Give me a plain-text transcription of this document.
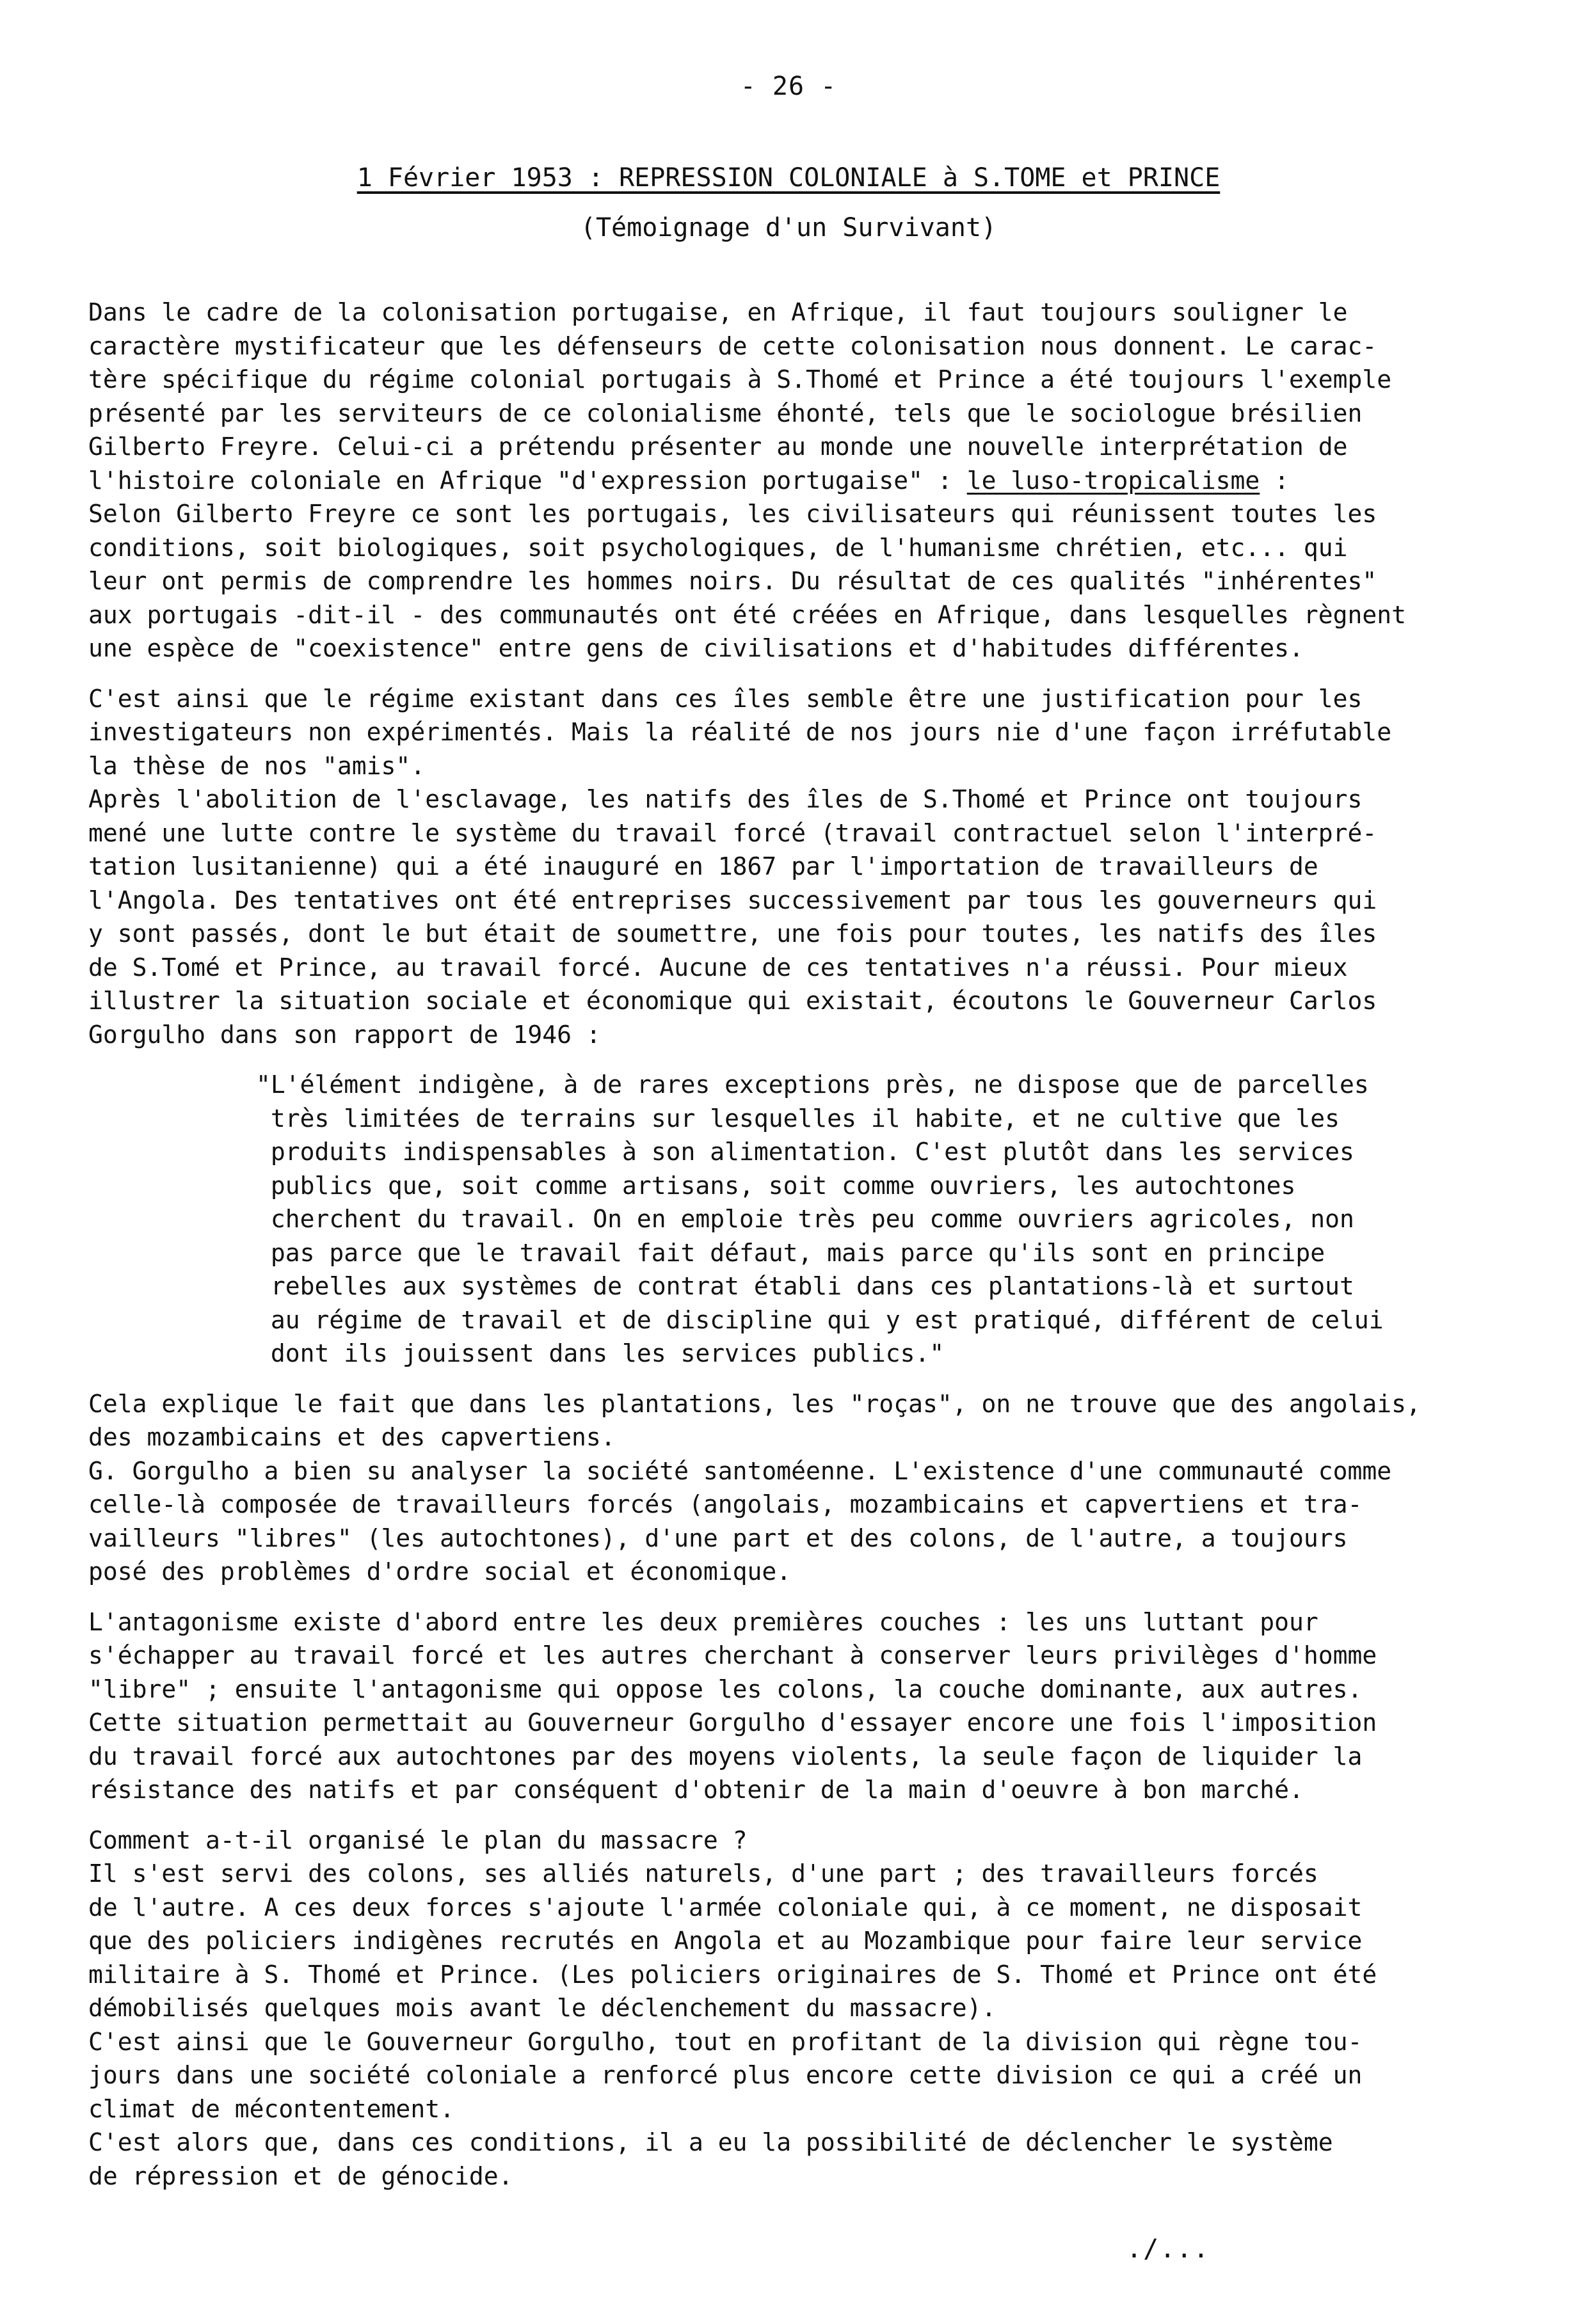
- 26 -
1 Février 1953 : REPRESSION COLONIALE à S.TOME et PRINCE
(Témoignage d'un Survivant)
Dans le cadre de la colonisation portugaise, en Afrique, il faut toujours souligner le
caractère mystificateur que les défenseurs de cette colonisation nous donnent. Le carac-
tère spécifique du régime colonial portugais à S.Thomé et Prince a été toujours l'exemple
présenté par les serviteurs de ce colonialisme éhonté, tels que le sociologue brésilien
Gilberto Freyre. Celui-ci a prétendu présenter au monde une nouvelle interprétation de
l'histoire coloniale en Afrique "d'expression portugaise" : le luso-tropicalisme :
Selon Gilberto Freyre ce sont les portugais, les civilisateurs qui réunissent toutes les
conditions, soit biologiques, soit psychologiques, de l'humanisme chrétien, etc... qui
leur ont permis de comprendre les hommes noirs. Du résultat de ces qualités "inhérentes"
aux portugais -dit-il - des communautés ont été créées en Afrique, dans lesquelles règnent
une espèce de "coexistence" entre gens de civilisations et d'habitudes différentes.
C'est ainsi que le régime existant dans ces îles semble être une justification pour les
investigateurs non expérimentés. Mais la réalité de nos jours nie d'une façon irréfutable
la thèse de nos "amis".
Après l'abolition de l'esclavage, les natifs des îles de S.Thomé et Prince ont toujours
mené une lutte contre le système du travail forcé (travail contractuel selon l'interpré-
tation lusitanienne) qui a été inauguré en 1867 par l'importation de travailleurs de
l'Angola. Des tentatives ont été entreprises successivement par tous les gouverneurs qui
y sont passés, dont le but était de soumettre, une fois pour toutes, les natifs des îles
de S.Tomé et Prince, au travail forcé. Aucune de ces tentatives n'a réussi. Pour mieux
illustrer la situation sociale et économique qui existait, écoutons le Gouverneur Carlos
Gorgulho dans son rapport de 1946 :
"L'élément indigène, à de rares exceptions près, ne dispose que de parcelles
très limitées de terrains sur lesquelles il habite, et ne cultive que les
produits indispensables à son alimentation. C'est plutôt dans les services
publics que, soit comme artisans, soit comme ouvriers, les autochtones
cherchent du travail. On en emploie très peu comme ouvriers agricoles, non
pas parce que le travail fait défaut, mais parce qu'ils sont en principe
rebelles aux systèmes de contrat établi dans ces plantations-là et surtout
au régime de travail et de discipline qui y est pratiqué, différent de celui
dont ils jouissent dans les services publics."
Cela explique le fait que dans les plantations, les "roças", on ne trouve que des angolais,
des mozambicains et des capvertiens.
G. Gorgulho a bien su analyser la société santoméenne. L'existence d'une communauté comme
celle-là composée de travailleurs forcés (angolais, mozambicains et capvertiens et tra-
vailleurs "libres" (les autochtones), d'une part et des colons, de l'autre, a toujours
posé des problèmes d'ordre social et économique.
L'antagonisme existe d'abord entre les deux premières couches : les uns luttant pour
s'échapper au travail forcé et les autres cherchant à conserver leurs privilèges d'homme
"libre" ; ensuite l'antagonisme qui oppose les colons, la couche dominante, aux autres.
Cette situation permettait au Gouverneur Gorgulho d'essayer encore une fois l'imposition
du travail forcé aux autochtones par des moyens violents, la seule façon de liquider la
résistance des natifs et par conséquent d'obtenir de la main d'oeuvre à bon marché.
Comment a-t-il organisé le plan du massacre ?
Il s'est servi des colons, ses alliés naturels, d'une part ; des travailleurs forcés
de l'autre. A ces deux forces s'ajoute l'armée coloniale qui, à ce moment, ne disposait
que des policiers indigènes recrutés en Angola et au Mozambique pour faire leur service
militaire à S. Thomé et Prince. (Les policiers originaires de S. Thomé et Prince ont été
démobilisés quelques mois avant le déclenchement du massacre).
C'est ainsi que le Gouverneur Gorgulho, tout en profitant de la division qui règne tou-
jours dans une société coloniale a renforcé plus encore cette division ce qui a créé un
climat de mécontentement.
C'est alors que, dans ces conditions, il a eu la possibilité de déclencher le système
de répression et de génocide.
./...
